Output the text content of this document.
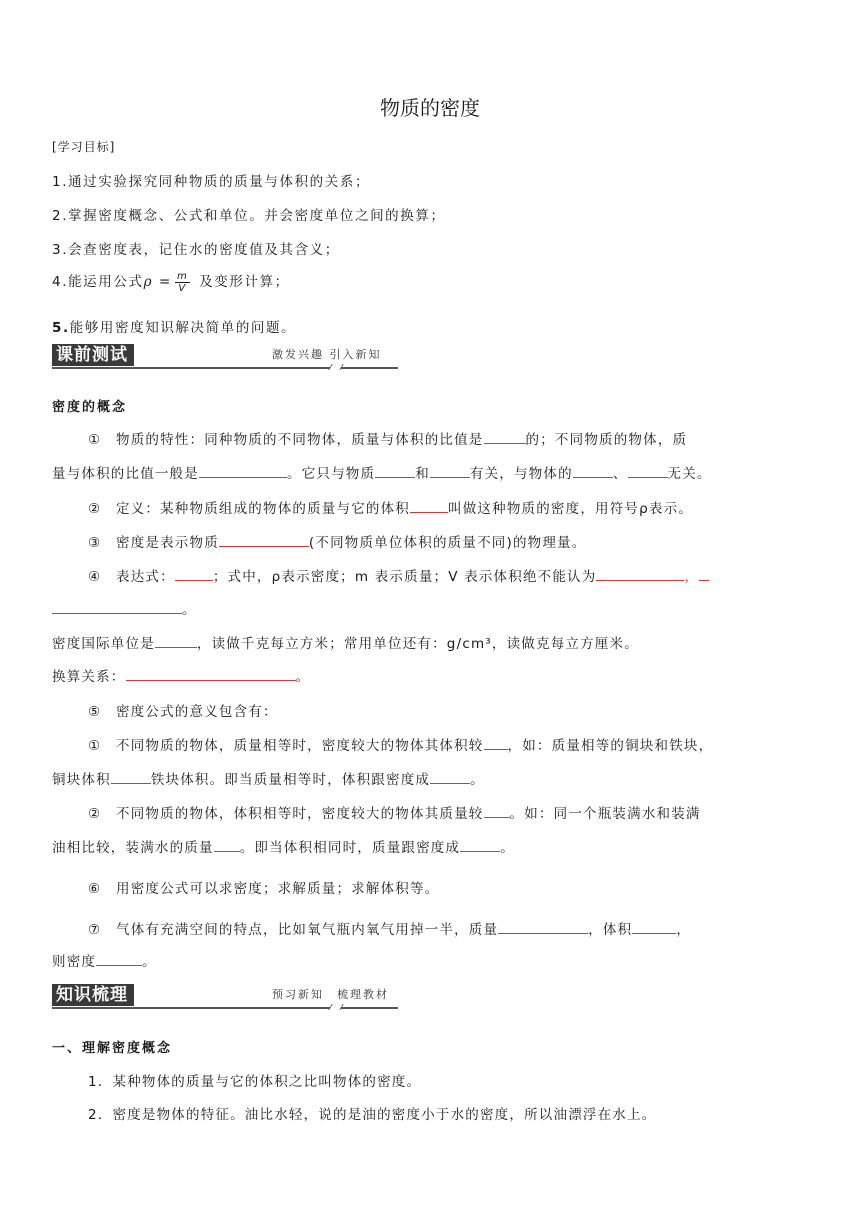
物质的密度
[学习目标]
1.通过实验探究同种物质的质量与体积的关系；
2.掌握密度概念、公式和单位。并会密度单位之间的换算；
3.会查密度表，记住水的密度值及其含义；
4.能运用公式$\rho = \frac{m}{V}$ 及变形计算；
5.能够用密度知识解决简单的问题。
课前测试	激发兴趣 引入新知
密度的概念
①　物质的特性：同种物质的不同物体，质量与体积的比值是	的；不同物质的物体，质
量与体积的比值一般是	。它只与物质	和	有关，与物体的	、	无关。
②　定义：某种物质组成的物体的质量与它的体积	叫做这种物质的密度，用符号ρ表示。
③　密度是表示物质	(不同物质单位体积的质量不同)的物理量。
④　表达式：	；式中，ρ表示密度；m 表示质量；V 表示体积绝不能认为	，
。
密度国际单位是	，读做千克每立方米；常用单位还有：g/cm³，读做克每立方厘米。
换算关系：	。
⑤　密度公式的意义包含有：
①　不同物质的物体，质量相等时，密度较大的物体其体积较 ，如：质量相等的铜块和铁块，
铜块体积	铁块体积。即当质量相等时，体积跟密度成	。
②　不同物质的物体，体积相等时，密度较大的物体其质量较 。如：同一个瓶装满水和装满
油相比较，装满水的质量 。即当体积相同时，质量跟密度成	。
⑥　用密度公式可以求密度；求解质量；求解体积等。
⑦　气体有充满空间的特点，比如氧气瓶内氧气用掉一半，质量	，体积	，
则密度	。
知识梳理	预习新知　梳理教材
一、理解密度概念
1．某种物体的质量与它的体积之比叫物体的密度。
2．密度是物体的特征。油比水轻，说的是油的密度小于水的密度，所以油漂浮在水上。
